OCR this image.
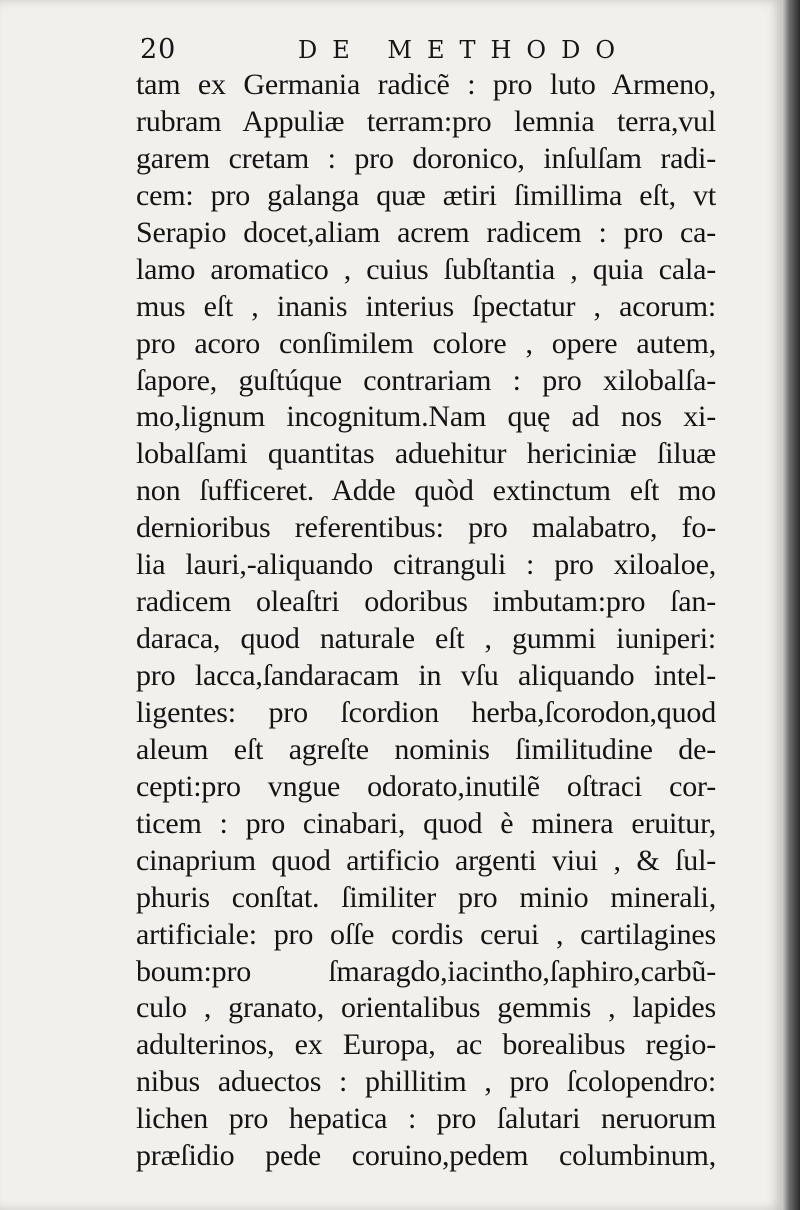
20	DE METHODO
tam ex Germania radicẽ : pro luto Armeno,
rubram Appuliæ terram:pro lemnia terra,vul
garem cretam : pro doronico, inſulſam radi-
cem: pro galanga quæ ætiri ſimillima eſt, vt
Serapio docet,aliam acrem radicem : pro ca-
lamo aromatico , cuius ſubſtantia , quia cala-
mus eſt , inanis interius ſpectatur , acorum:
pro acoro conſimilem colore , opere autem,
ſapore, guſtúque contrariam : pro xilobalſa-
mo,lignum incognitum.Nam quę ad nos xi-
lobalſami quantitas aduehitur hericiniæ ſiluæ
non ſufficeret. Adde quòd extinctum eſt mo
dernioribus referentibus: pro malabatro, fo-
lia lauri,-aliquando citranguli : pro xiloaloe,
radicem oleaſtri odoribus imbutam:pro ſan-
daraca, quod naturale eſt , gummi iuniperi:
pro lacca,ſandaracam in vſu aliquando intel-
ligentes: pro ſcordion herba,ſcorodon,quod
aleum eſt agreſte nominis ſimilitudine de-
cepti:pro vngue odorato,inutilẽ oſtraci cor-
ticem : pro cinabari, quod è minera eruitur,
cinaprium quod artificio argenti viui , & ſul-
phuris conſtat. ſimiliter pro minio minerali,
artificiale: pro oſſe cordis cerui , cartilagines
boum:pro ſmaragdo,iacintho,ſaphiro,carbũ-
culo , granato, orientalibus gemmis , lapides
adulterinos, ex Europa, ac borealibus regio-
nibus aduectos : phillitim , pro ſcolopendro:
lichen pro hepatica : pro ſalutari neruorum
præſidio pede coruino,pedem columbinum,
